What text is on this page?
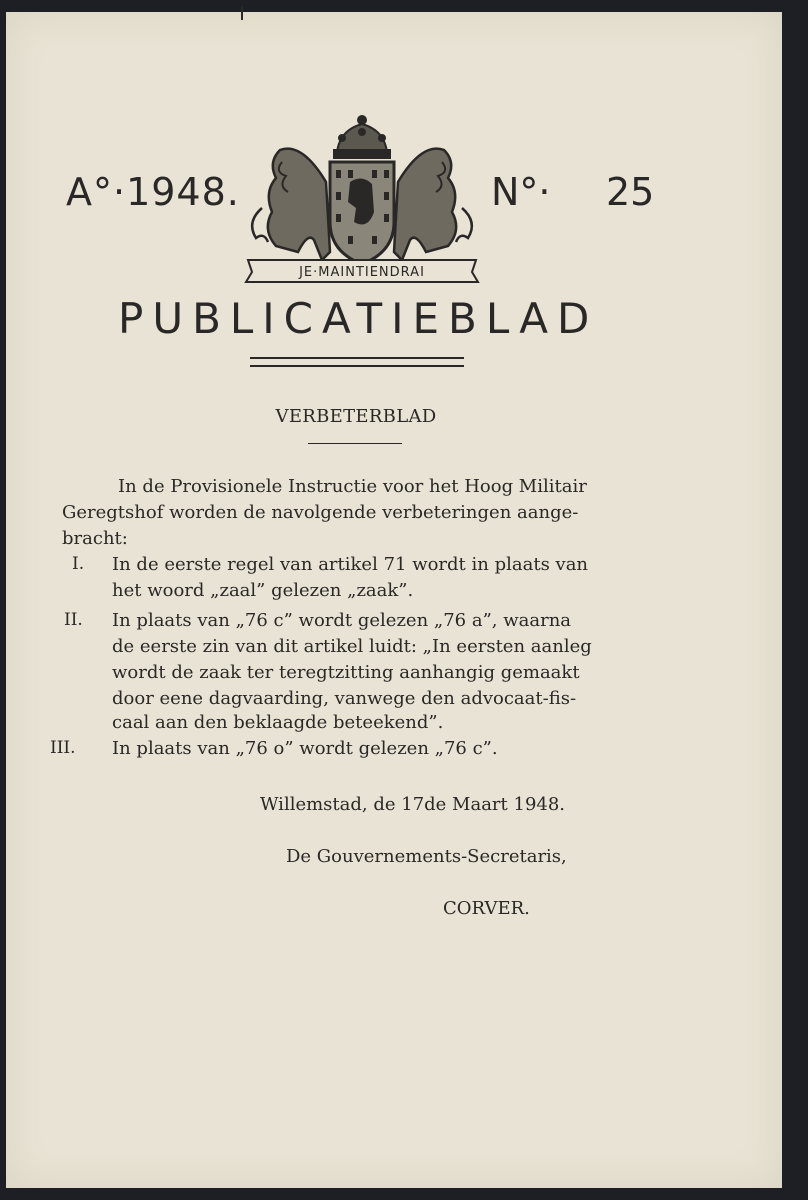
A°·1948.
JE·MAINTIENDRAI
N°· 25
PUBLICATIEBLAD
VERBETERBLAD
In de Provisionele Instructie voor het Hoog Militair
Geregtshof worden de navolgende verbeteringen aange-
bracht:
I. In de eerste regel van artikel 71 wordt in plaats van
het woord „zaal” gelezen „zaak”.
II. In plaats van „76 c” wordt gelezen „76 a”, waarna
de eerste zin van dit artikel luidt: „In eersten aanleg
wordt de zaak ter teregtzitting aanhangig gemaakt
door eene dagvaarding, vanwege den advocaat-fis-
caal aan den beklaagde beteekend”.
III. In plaats van „76 o” wordt gelezen „76 c”.
Willemstad, de 17de Maart 1948.
De Gouvernements-Secretaris,
CORVER.
